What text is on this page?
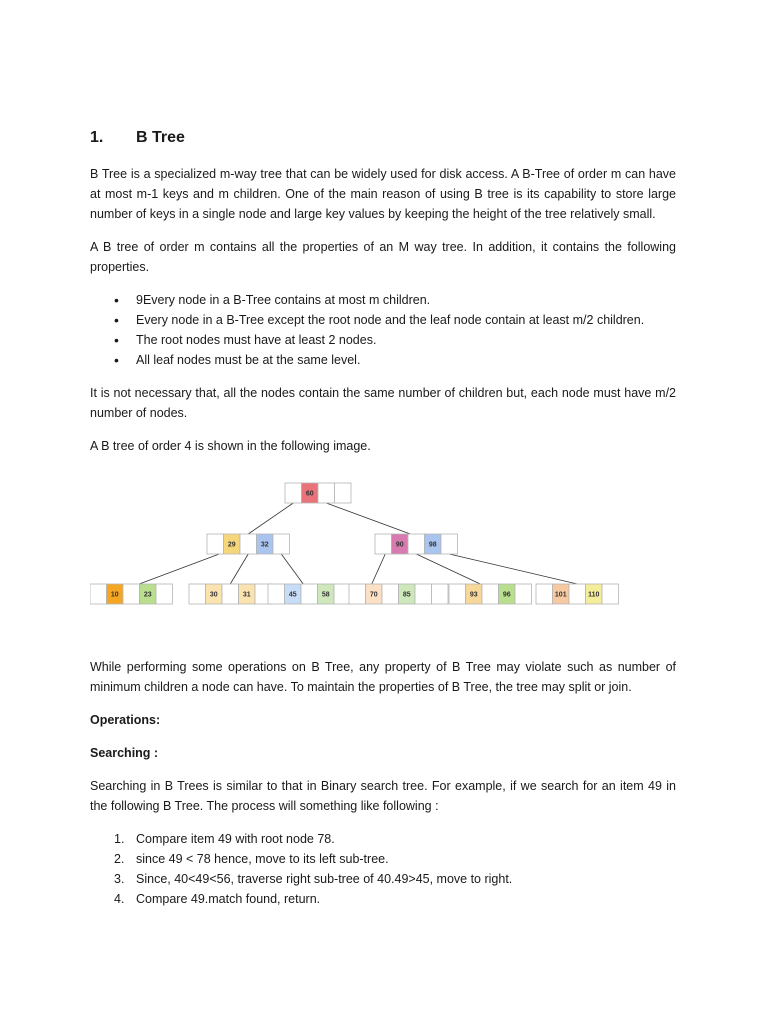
1.	B Tree

B Tree is a specialized m-way tree that can be widely used for disk access. A B-Tree of order m can have at most m-1 keys and m children. One of the main reason of using B tree is its capability to store large number of keys in a single node and large key values by keeping the height of the tree relatively small.

A B tree of order m contains all the properties of an M way tree. In addition, it contains the following properties.

• 9Every node in a B-Tree contains at most m children.
• Every node in a B-Tree except the root node and the leaf node contain at least m/2 children.
• The root nodes must have at least 2 nodes.
• All leaf nodes must be at the same level.

It is not necessary that, all the nodes contain the same number of children but, each node must have m/2 number of nodes.

A B tree of order 4 is shown in the following image.

60
29	32	90	98
10	23	30	31	45	58	70	85	93	96	101	110

While performing some operations on B Tree, any property of B Tree may violate such as number of minimum children a node can have. To maintain the properties of B Tree, the tree may split or join.

Operations:

Searching :

Searching in B Trees is similar to that in Binary search tree. For example, if we search for an item 49 in the following B Tree. The process will something like following :

1. Compare item 49 with root node 78.
2. since 49 < 78 hence, move to its left sub-tree.
3. Since, 40<49<56, traverse right sub-tree of 40.49>45, move to right.
4. Compare 49.match found, return.
